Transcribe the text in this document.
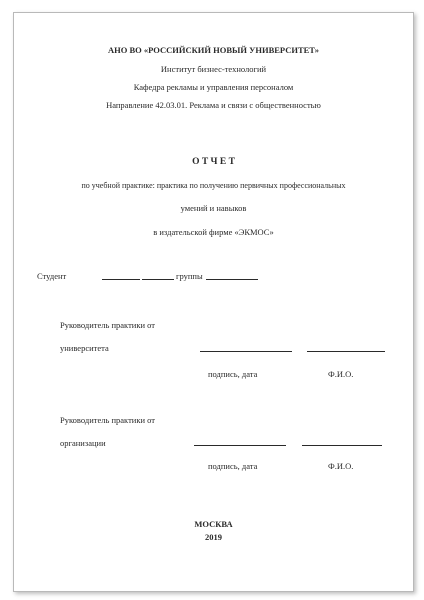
АНО ВО «РОССИЙСКИЙ НОВЫЙ УНИВЕРСИТЕТ»
Институт бизнес-технологий
Кафедра рекламы и управления персоналом
Направление 42.03.01. Реклама и связи с общественностью
О Т Ч Е Т
по учебной практике: практика по получению первичных профессиональных
умений и навыков
в издательской фирме «ЭКМОС»
Студент	группы
Руководитель практики от
университета
подпись, дата	Ф.И.О.
Руководитель практики от
организации
подпись, дата	Ф.И.О.
МОСКВА
2019
